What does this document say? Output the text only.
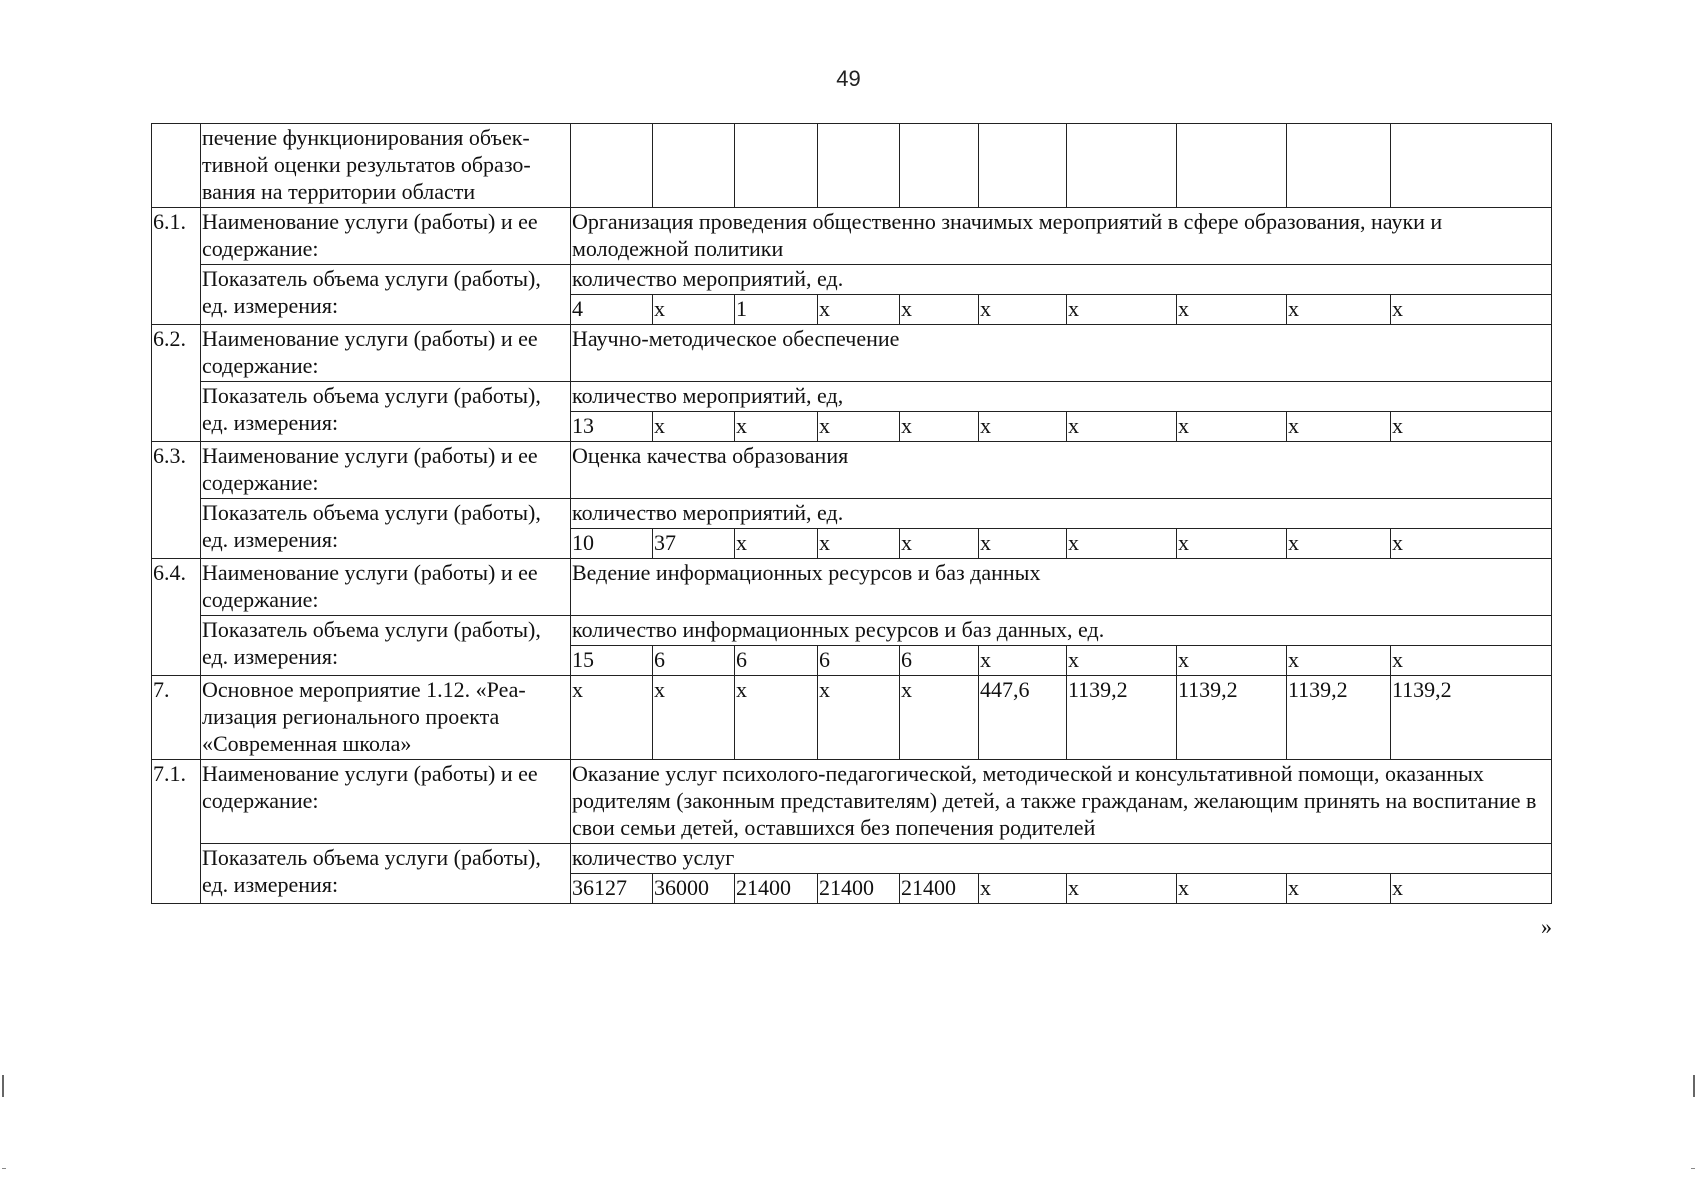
49
	печение функционирования объективной оценки результатов образования на территории области										
6.1.	Наименование услуги (работы) и ее содержание:	Организация проведения общественно значимых мероприятий в сфере образования, науки и молодежной политики									
	Показатель объема услуги (работы), ед. измерения:	количество мероприятий, ед.									
		4	x	1	x	x	x	x	x	x	x
6.2.	Наименование услуги (работы) и ее содержание:	Научно-методическое обеспечение									
	Показатель объема услуги (работы), ед. измерения:	количество мероприятий, ед,									
		13	x	x	x	x	x	x	x	x	x
6.3.	Наименование услуги (работы) и ее содержание:	Оценка качества образования									
	Показатель объема услуги (работы), ед. измерения:	количество мероприятий, ед.									
		10	37	x	x	x	x	x	x	x	x
6.4.	Наименование услуги (работы) и ее содержание:	Ведение информационных ресурсов и баз данных									
	Показатель объема услуги (работы), ед. измерения:	количество информационных ресурсов и баз данных, ед.									
		15	6	6	6	6	x	x	x	x	x
7.	Основное мероприятие 1.12. «Реализация регионального проекта «Современная школа»	x	x	x	x	x	447,6	1139,2	1139,2	1139,2	1139,2
7.1.	Наименование услуги (работы) и ее содержание:	Оказание услуг психолого-педагогической, методической и консультативной помощи, оказанных родителям (законным представителям) детей, а также гражданам, желающим принять на воспитание в свои семьи детей, оставшихся без попечения родителей									
	Показатель объема услуги (работы), ед. измерения:	количество услуг									
		36127	36000	21400	21400	21400	x	x	x	x	x
»
